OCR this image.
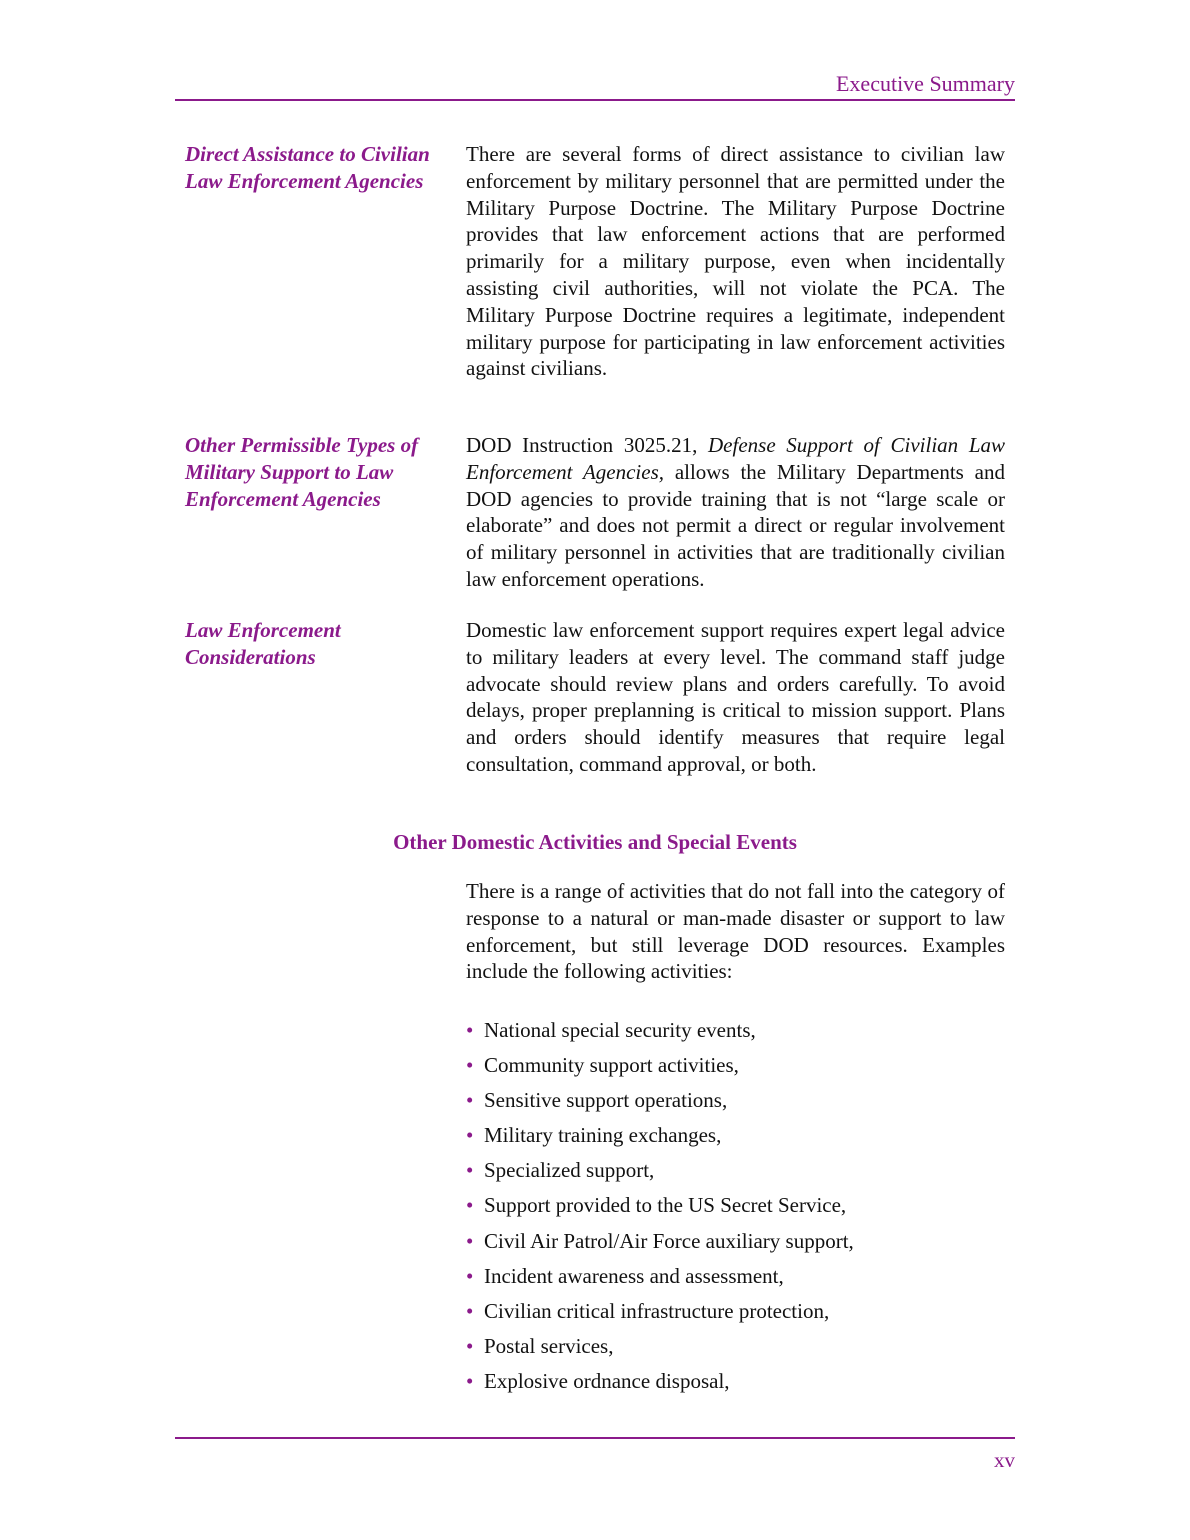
Executive Summary
Direct Assistance to Civilian Law Enforcement Agencies
There are several forms of direct assistance to civilian law enforcement by military personnel that are permitted under the Military Purpose Doctrine. The Military Purpose Doctrine provides that law enforcement actions that are performed primarily for a military purpose, even when incidentally assisting civil authorities, will not violate the PCA. The Military Purpose Doctrine requires a legitimate, independent military purpose for participating in law enforcement activities against civilians.
Other Permissible Types of Military Support to Law Enforcement Agencies
DOD Instruction 3025.21, Defense Support of Civilian Law Enforcement Agencies, allows the Military Departments and DOD agencies to provide training that is not “large scale or elaborate” and does not permit a direct or regular involvement of military personnel in activities that are traditionally civilian law enforcement operations.
Law Enforcement Considerations
Domestic law enforcement support requires expert legal advice to military leaders at every level. The command staff judge advocate should review plans and orders carefully. To avoid delays, proper preplanning is critical to mission support. Plans and orders should identify measures that require legal consultation, command approval, or both.
Other Domestic Activities and Special Events
There is a range of activities that do not fall into the category of response to a natural or man-made disaster or support to law enforcement, but still leverage DOD resources. Examples include the following activities:
• National special security events,
• Community support activities,
• Sensitive support operations,
• Military training exchanges,
• Specialized support,
• Support provided to the US Secret Service,
• Civil Air Patrol/Air Force auxiliary support,
• Incident awareness and assessment,
• Civilian critical infrastructure protection,
• Postal services,
• Explosive ordnance disposal,
xv
